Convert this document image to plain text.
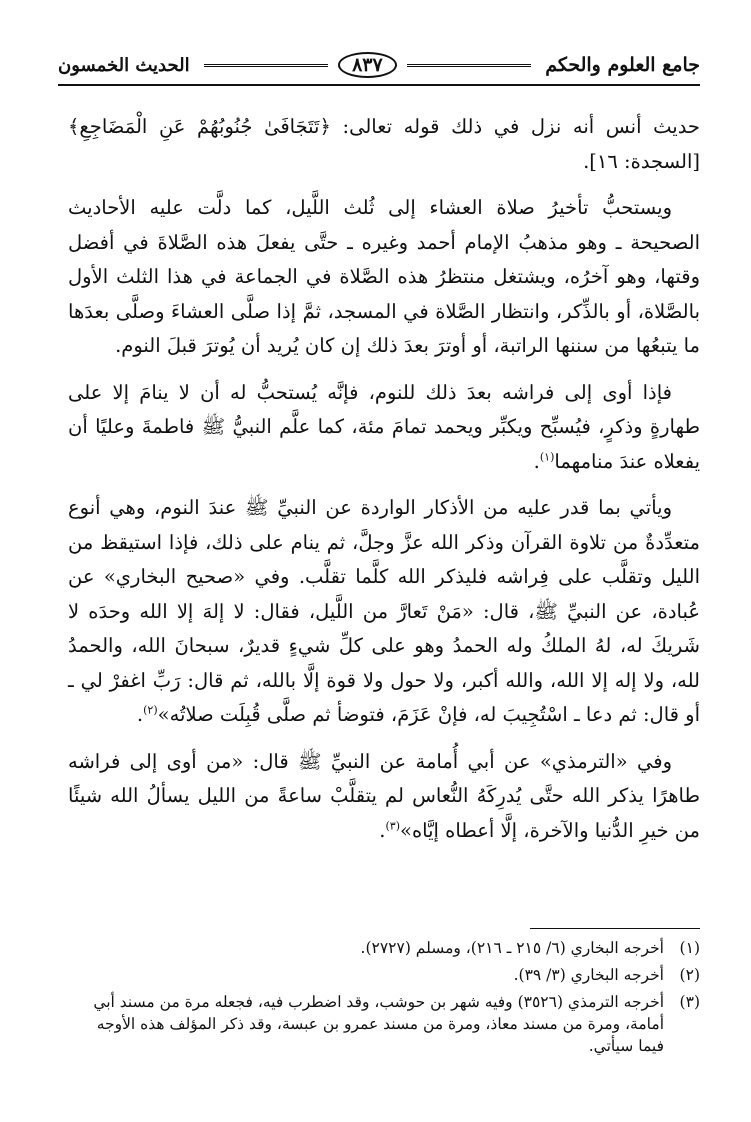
جامع العلوم والحكم
٨٣٧
الحديث الخمسون

حديث أنس أنه نزل في ذلك قوله تعالى: ﴿تَتَجَافَىٰ جُنُوبُهُمْ عَنِ الْمَضَاجِعِ﴾ [السجدة: ١٦].

ويستحبُّ تأخيرُ صلاة العشاء إلى ثُلث اللَّيل، كما دلَّت عليه الأحاديث الصحيحة ـ وهو مذهبُ الإمام أحمد وغيره ـ حتَّى يفعلَ هذه الصَّلاةَ في أفضل وقتها، وهو آخرُه، ويشتغل منتظرُ هذه الصَّلاة في الجماعة في هذا الثلث الأول بالصَّلاة، أو بالذِّكر، وانتظار الصَّلاة في المسجد، ثمَّ إذا صلَّى العشاءَ وصلَّى بعدَها ما يتبعُها من سننها الراتبة، أو أوترَ بعدَ ذلك إن كان يُريد أن يُوترَ قبلَ النوم.

فإذا أوى إلى فراشه بعدَ ذلك للنوم، فإنَّه يُستحبُّ له أن لا ينامَ إلا على طهارةٍ وذكرٍ، فيُسبِّح ويكبِّر ويحمد تمامَ مئة، كما علَّم النبيُّ ﷺ فاطمةَ وعليًا أن يفعلاه عندَ منامهما$^{(١)}$.

ويأتي بما قدر عليه من الأذكار الواردة عن النبيِّ ﷺ عندَ النوم، وهي أنوع متعدِّدةٌ من تلاوة القرآن وذكر الله عزَّ وجلَّ، ثم ينام على ذلك، فإذا استيقظ من الليل وتقلَّب على فِراشه فليذكر الله كلَّما تقلَّب. وفي «صحيح البخاري» عن عُبادة، عن النبيِّ ﷺ، قال: «مَنْ تَعارَّ من اللَّيل، فقال: لا إلهَ إلا الله وحدَه لا شَريكَ له، لهُ الملكُ وله الحمدُ وهو على كلِّ شيءٍ قديرٌ، سبحانَ الله، والحمدُ لله، ولا إله إلا الله، والله أكبر، ولا حول ولا قوة إلَّا بالله، ثم قال: رَبِّ اغفرْ لي ـ أو قال: ثم دعا ـ اسْتُجِيبَ له، فإنْ عَزَمَ، فتوضأ ثم صلَّى قُبِلَت صلاتُه»$^{(٢)}$.

وفي «الترمذي» عن أبي أُمامة عن النبيِّ ﷺ قال: «من أوى إلى فراشه طاهرًا يذكر الله حتَّى يُدرِكَهُ النُّعاس لم يتقلَّبْ ساعةً من الليل يسألُ الله شيئًا من خيرِ الدُّنيا والآخرة، إلَّا أعطاه إيَّاه»$^{(٣)}$.

(١)
أخرجه البخاري (٦/ ٢١٥ ـ ٢١٦)، ومسلم (٢٧٢٧).
(٢)
أخرجه البخاري (٣/ ٣٩).
(٣)
أخرجه الترمذي (٣٥٢٦) وفيه شهر بن حوشب، وقد اضطرب فيه، فجعله مرة من مسند أبي أمامة، ومرة من مسند معاذ، ومرة من مسند عمرو بن عبسة، وقد ذكر المؤلف هذه الأوجه فيما سيأتي.
